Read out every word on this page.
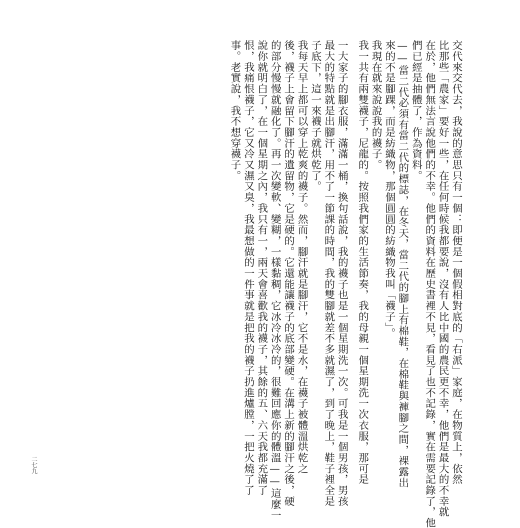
交代來交代去，我說的意思只有一個：即便是一個假相對底的「右派」家庭，在物質上，依然
比那些「農家」要好一些，在任何時候我都要說，沒有人比中國的農民更不幸，他們是最大的不幸就
在於，他們無法言說他們的不幸。他們的資料在歷史書裡不見，看見了也不記錄，實在需要記錄了，他
們已經是抽體了，作為資料。
——當二代必須有當二代的標誌，在冬天，當二代的腳上有棉鞋，在棉鞋與褲腳之間，裸露出
來的不是腳踝，而是紡織物，那個圓圓的紡織物我叫「襪子」。
我現在就來說說我的襪子。
我一共有兩雙襪子，尼龍的。按照我們家的生活節奏，我的母親一個星期洗一次衣服，那可是
一大家子的腳衣服，滿滿一桶，換句話說，我的襪子也是一個星期洗一次。可我是一個男孩，男孩
最大的特點就是出腳汗，用不了一節課的時間，我的雙腳就差不多就濕了，到了晚上，鞋子裡全是
子底下，這一來襪子就烘乾了。
我每天早上都可以穿上乾爽的襪子。然而，腳汗就是腳汗，它不是水，在襪子被體溫烘乾之
後，襪子上會留下腳汗的遺留物，它是硬的。它還能讓襪子的底部變硬。在溝上新的腳汗之後，硬
的部分慢慢就融化了。再一次變軟、變糊，一樣黏稠，它冰冷冰冷的，很難回應你的體溫——這麼一
說你就明白了，在一個星期之內，我只有一，兩天會喜歡我的襪子，其餘的五、六天我都充滿了
恨，我痛恨襪子，它又冷又濕又臭，我最想做的一件事就是把我的襪子扔進爐膛，一把火燒了了
事。老實說，我不想穿襪子。
二七九
